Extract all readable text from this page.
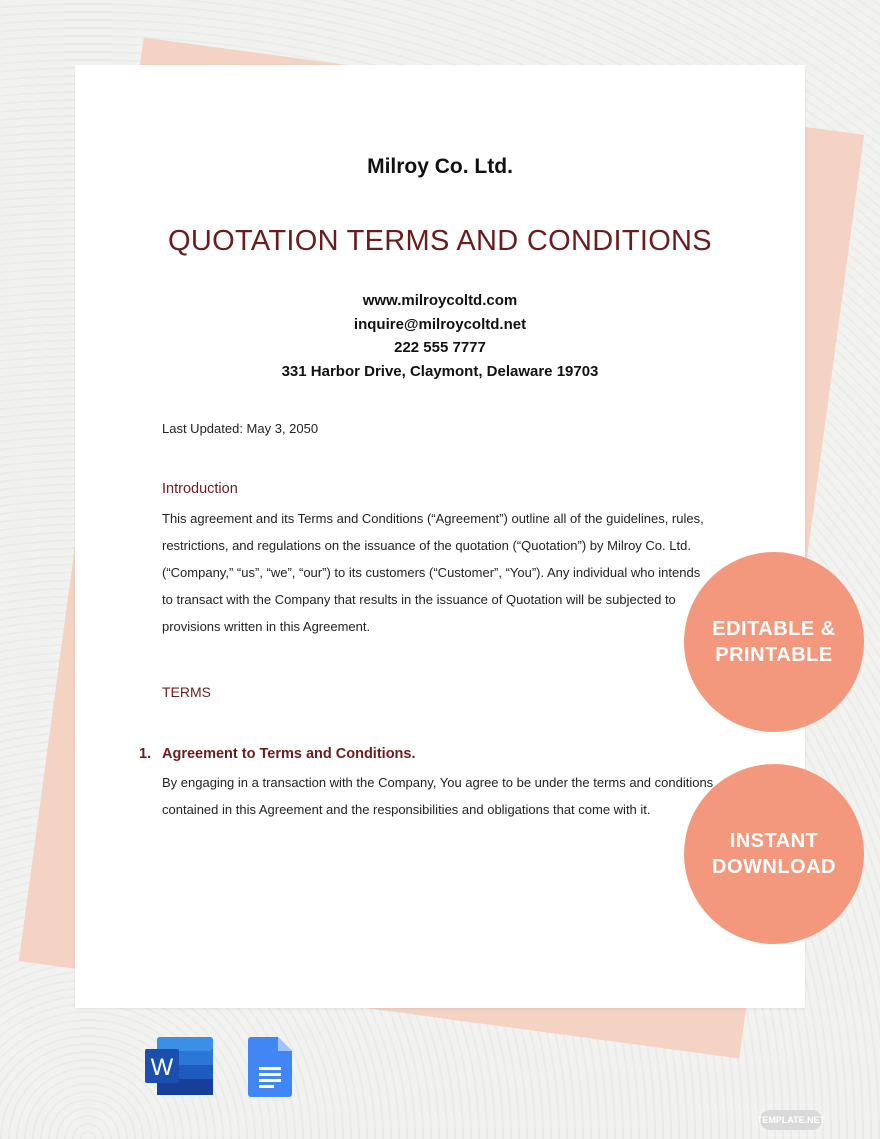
Milroy Co. Ltd.
QUOTATION TERMS AND CONDITIONS
www.milroycoltd.com
inquire@milroycoltd.net
222 555 7777
331 Harbor Drive, Claymont, Delaware 19703
Last Updated: May 3, 2050
Introduction
This agreement and its Terms and Conditions (“Agreement”) outline all of the guidelines, rules,
restrictions, and regulations on the issuance of the quotation (“Quotation”) by Milroy Co. Ltd.
(“Company,” “us”, “we”, “our”) to its customers (“Customer”, “You”). Any individual who intends
to transact with the Company that results in the issuance of Quotation will be subjected to
provisions written in this Agreement.
TERMS
1. Agreement to Terms and Conditions.
By engaging in a transaction with the Company, You agree to be under the terms and conditions
contained in this Agreement and the responsibilities and obligations that come with it.
EDITABLE & PRINTABLE
INSTANT DOWNLOAD
W
TEMPLATE.NET
